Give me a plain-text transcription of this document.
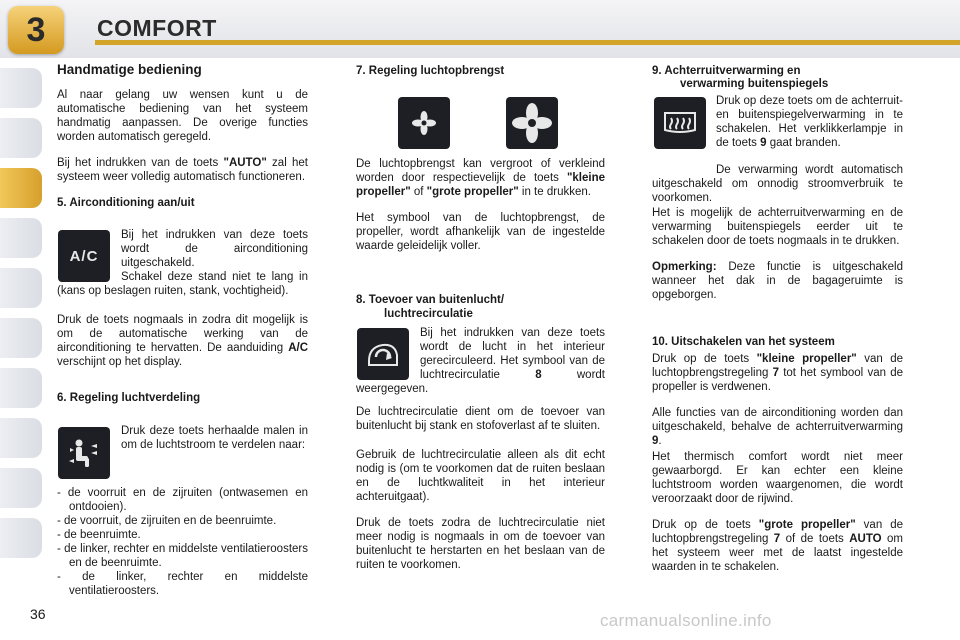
3	COMFORT
Handmatige bediening
Al naar gelang uw wensen kunt u de automatische bediening van het systeem handmatig aanpassen. De overige functies worden automatisch geregeld.
Bij het indrukken van de toets "AUTO" zal het systeem weer volledig automatisch functioneren.
5. Airconditioning aan/uit
A/C
Bij het indrukken van deze toets wordt de airconditioning uitgeschakeld.
Schakel deze stand niet te lang in (kans op beslagen ruiten, stank, vochtigheid).
Druk de toets nogmaals in zodra dit mogelijk is om de automatische werking van de airconditioning te hervatten. De aanduiding A/C verschijnt op het display.
6. Regeling luchtverdeling
Druk deze toets herhaalde malen in om de luchtstroom te verdelen naar:
- de voorruit en de zijruiten (ontwasemen en ontdooien).
- de voorruit, de zijruiten en de beenruimte.
- de beenruimte.
- de linker, rechter en middelste ventilatieroosters en de beenruimte.
- de linker, rechter en middelste ventilatieroosters.
7. Regeling luchtopbrengst
De luchtopbrengst kan vergroot of verkleind worden door respectievelijk de toets "kleine propeller" of "grote propeller" in te drukken.
Het symbool van de luchtopbrengst, de propeller, wordt afhankelijk van de ingestelde waarde geleidelijk voller.
8. Toevoer van buitenlucht/
luchtrecirculatie
Bij het indrukken van deze toets wordt de lucht in het interieur gerecirculeerd. Het symbool van de luchtrecirculatie 8 wordt weergegeven.
De luchtrecirculatie dient om de toevoer van buitenlucht bij stank en stofoverlast af te sluiten.
Gebruik de luchtrecirculatie alleen als dit echt nodig is (om te voorkomen dat de ruiten beslaan en de luchtkwaliteit in het interieur achteruitgaat).
Druk de toets zodra de luchtrecirculatie niet meer nodig is nogmaals in om de toevoer van buitenlucht te herstarten en het beslaan van de ruiten te voorkomen.
9. Achterruitverwarming en
verwarming buitenspiegels
Druk op deze toets om de achterruit- en buitenspiegelverwarming in te schakelen. Het verklikkerlampje in de toets 9 gaat branden.
De verwarming wordt automatisch uitgeschakeld om onnodig stroomverbruik te voorkomen.
Het is mogelijk de achterruitverwarming en de verwarming buitenspiegels eerder uit te schakelen door de toets nogmaals in te drukken.
Opmerking: Deze functie is uitgeschakeld wanneer het dak in de bagageruimte is opgeborgen.
10. Uitschakelen van het systeem
Druk op de toets "kleine propeller" van de luchtopbrengstregeling 7 tot het symbool van de propeller is verdwenen.
Alle functies van de airconditioning worden dan uitgeschakeld, behalve de achterruitverwarming 9.
Het thermisch comfort wordt niet meer gewaarborgd. Er kan echter een kleine luchtstroom worden waargenomen, die wordt veroorzaakt door de rijwind.
Druk op de toets "grote propeller" van de luchtopbrengstregeling 7 of de toets AUTO om het systeem weer met de laatst ingestelde waarden in te schakelen.
36	carmanualsonline.info
